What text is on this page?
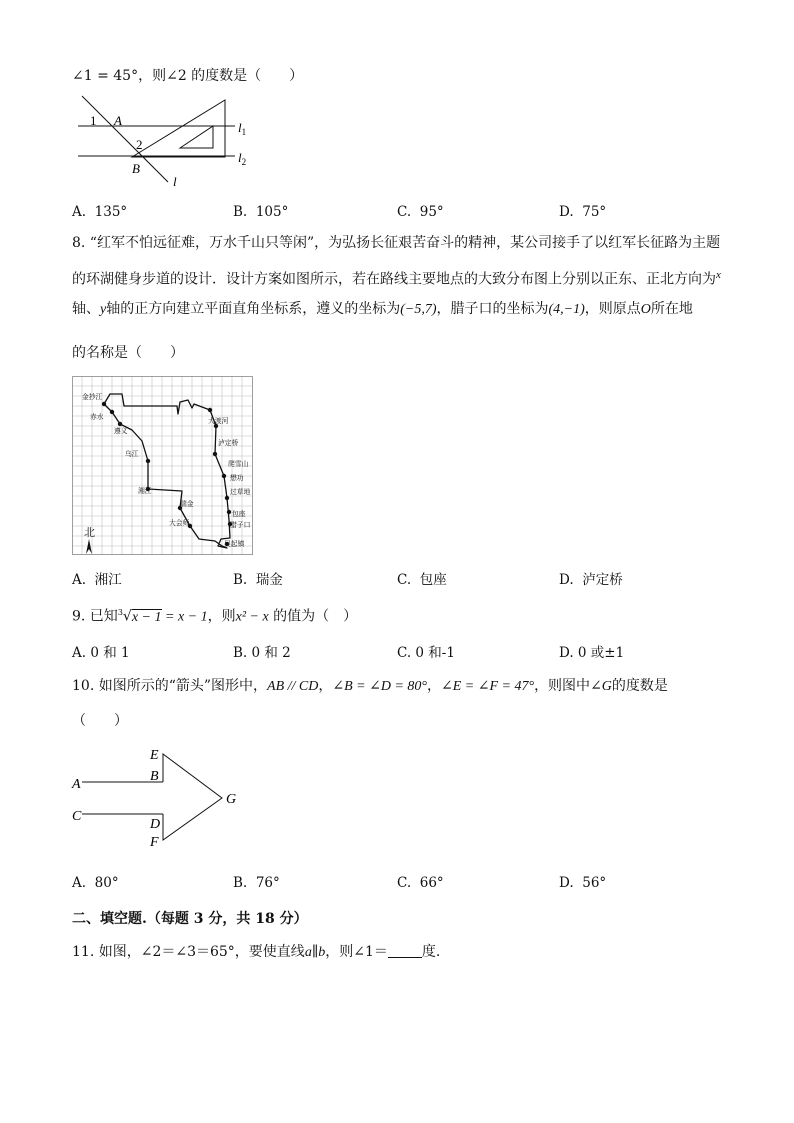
∠1 = 45°，则∠2 的度数是（　　）
1 A
2
B
l
$l_1$
$l_2$
A. 135°	B. 105°	C. 95°	D. 75°
8. “红军不怕远征难，万水千山只等闲”，为弘扬长征艰苦奋斗的精神，某公司接手了以红军长征路为主题
的环湖健身步道的设计．设计方案如图所示，若在路线主要地点的大致分布图上分别以正东、正北方向为$^x$
轴、y轴的正方向建立平面直角坐标系，遵义的坐标为(−5,7)，腊子口的坐标为(4,−1)，则原点O所在地
的名称是（　　）
金抄江
赤水
遵义
乌江
湘江
瑞金
大会师
大渡河
泸定桥
爬雪山
懋功
过草地
包座
腊子口
吴起镇
北
A. 湘江	B. 瑞金	C. 包座	D. 泸定桥
9. 已知$^3$√x − 1 = x − 1，则x² − x 的值为（　）
A. 0 和 1	B. 0 和 2	C. 0 和-1	D. 0 或±1
10. 如图所示的“箭头”图形中，AB // CD，∠B = ∠D = 80°，∠E = ∠F = 47°，则图中∠G的度数是
（　　）
E
B
A
C
G
D
F
A. 80°	B. 76°	C. 66°	D. 56°
二、填空题.（每题 3 分，共 18 分）
11. 如图，∠2＝∠3＝65°，要使直线a∥b，则∠1＝ 度.
